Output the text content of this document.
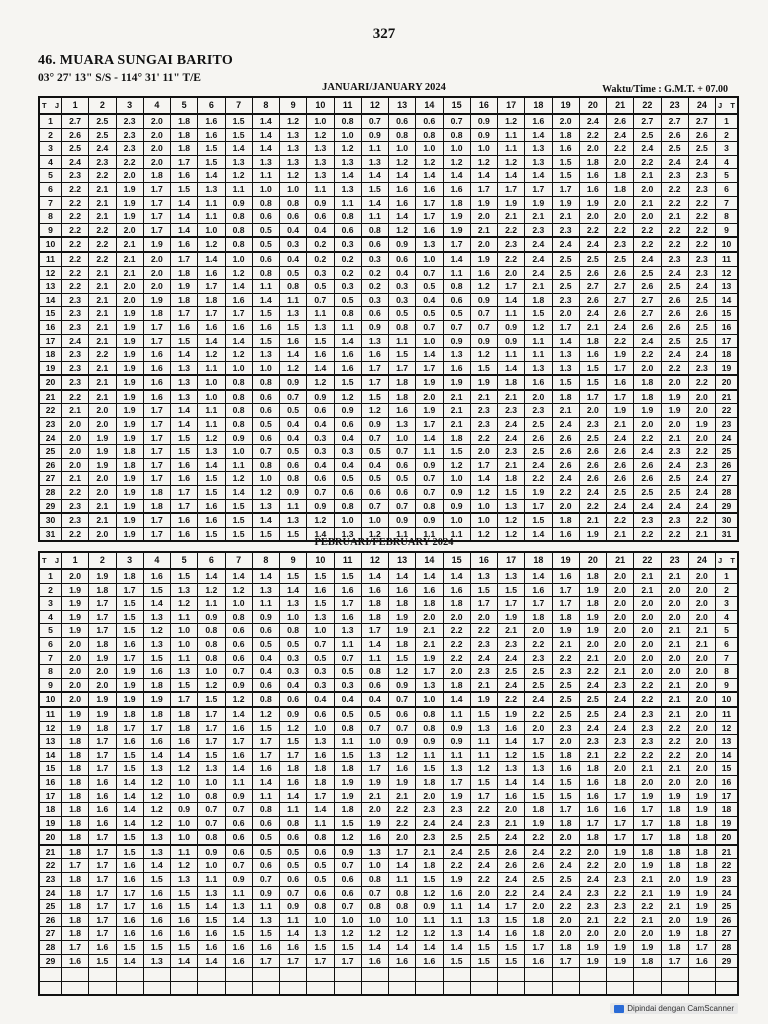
327
46. MUARA SUNGAI BARITO
03° 27' 13" S/S - 114° 31' 11" T/E
JANUARI/JANUARY 2024	Waktu/Time : G.M.T. + 07.00
J
T	1	2	3	4	5	6	7	8	9	10	11	12	13	14	15	16	17	18	19	20	21	22	23	24	J T

1	2.7	2.5	2.3	2.0	1.8	1.6	1.5	1.4	1.2	1.0	0.8	0.7	0.6	0.6	0.7	0.9	1.2	1.6	2.0	2.4	2.6	2.7	2.7	2.7	1
2	2.6	2.5	2.3	2.0	1.8	1.6	1.5	1.4	1.3	1.2	1.0	0.9	0.8	0.8	0.8	0.9	1.1	1.4	1.8	2.2	2.4	2.5	2.6	2.6	2
3	2.5	2.4	2.3	2.0	1.8	1.5	1.4	1.4	1.3	1.3	1.2	1.1	1.0	1.0	1.0	1.0	1.1	1.3	1.6	2.0	2.2	2.4	2.5	2.5	3
4	2.4	2.3	2.2	2.0	1.7	1.5	1.3	1.3	1.3	1.3	1.3	1.3	1.2	1.2	1.2	1.2	1.2	1.3	1.5	1.8	2.0	2.2	2.4	2.4	4
5	2.3	2.2	2.0	1.8	1.6	1.4	1.2	1.1	1.2	1.3	1.4	1.4	1.4	1.4	1.4	1.4	1.4	1.4	1.5	1.6	1.8	2.1	2.3	2.3	5
6	2.2	2.1	1.9	1.7	1.5	1.3	1.1	1.0	1.0	1.1	1.3	1.5	1.6	1.6	1.6	1.7	1.7	1.7	1.7	1.6	1.8	2.0	2.2	2.3	6
7	2.2	2.1	1.9	1.7	1.4	1.1	0.9	0.8	0.8	0.9	1.1	1.4	1.6	1.7	1.8	1.9	1.9	1.9	1.9	1.9	2.0	2.1	2.2	2.2	7
8	2.2	2.1	1.9	1.7	1.4	1.1	0.8	0.6	0.6	0.6	0.8	1.1	1.4	1.7	1.9	2.0	2.1	2.1	2.1	2.0	2.0	2.0	2.1	2.2	8
9	2.2	2.2	2.0	1.7	1.4	1.0	0.8	0.5	0.4	0.4	0.6	0.8	1.2	1.6	1.9	2.1	2.2	2.3	2.3	2.2	2.2	2.2	2.2	2.2	9
10	2.2	2.2	2.1	1.9	1.6	1.2	0.8	0.5	0.3	0.2	0.3	0.6	0.9	1.3	1.7	2.0	2.3	2.4	2.4	2.4	2.3	2.2	2.2	2.2	10
11	2.2	2.2	2.1	2.0	1.7	1.4	1.0	0.6	0.4	0.2	0.2	0.3	0.6	1.0	1.4	1.9	2.2	2.4	2.5	2.5	2.5	2.4	2.3	2.3	11
12	2.2	2.1	2.1	2.0	1.8	1.6	1.2	0.8	0.5	0.3	0.2	0.2	0.4	0.7	1.1	1.6	2.0	2.4	2.5	2.6	2.6	2.5	2.4	2.3	12
13	2.2	2.1	2.0	2.0	1.9	1.7	1.4	1.1	0.8	0.5	0.3	0.2	0.3	0.5	0.8	1.2	1.7	2.1	2.5	2.7	2.7	2.6	2.5	2.4	13
14	2.3	2.1	2.0	1.9	1.8	1.8	1.6	1.4	1.1	0.7	0.5	0.3	0.3	0.4	0.6	0.9	1.4	1.8	2.3	2.6	2.7	2.7	2.6	2.5	14
15	2.3	2.1	1.9	1.8	1.7	1.7	1.7	1.5	1.3	1.1	0.8	0.6	0.5	0.5	0.5	0.7	1.1	1.5	2.0	2.4	2.6	2.7	2.6	2.6	15
16	2.3	2.1	1.9	1.7	1.6	1.6	1.6	1.6	1.5	1.3	1.1	0.9	0.8	0.7	0.7	0.7	0.9	1.2	1.7	2.1	2.4	2.6	2.6	2.5	16
17	2.4	2.1	1.9	1.7	1.5	1.4	1.4	1.5	1.6	1.5	1.4	1.3	1.1	1.0	0.9	0.9	0.9	1.1	1.4	1.8	2.2	2.4	2.5	2.5	17
18	2.3	2.2	1.9	1.6	1.4	1.2	1.2	1.3	1.4	1.6	1.6	1.6	1.5	1.4	1.3	1.2	1.1	1.1	1.3	1.6	1.9	2.2	2.4	2.4	18
19	2.3	2.1	1.9	1.6	1.3	1.1	1.0	1.0	1.2	1.4	1.6	1.7	1.7	1.7	1.6	1.5	1.4	1.3	1.3	1.5	1.7	2.0	2.2	2.3	19
20	2.3	2.1	1.9	1.6	1.3	1.0	0.8	0.8	0.9	1.2	1.5	1.7	1.8	1.9	1.9	1.9	1.8	1.6	1.5	1.5	1.6	1.8	2.0	2.2	20
21	2.2	2.1	1.9	1.6	1.3	1.0	0.8	0.6	0.7	0.9	1.2	1.5	1.8	2.0	2.1	2.1	2.1	2.0	1.8	1.7	1.7	1.8	1.9	2.0	21
22	2.1	2.0	1.9	1.7	1.4	1.1	0.8	0.6	0.5	0.6	0.9	1.2	1.6	1.9	2.1	2.3	2.3	2.3	2.1	2.0	1.9	1.9	1.9	2.0	22
23	2.0	2.0	1.9	1.7	1.4	1.1	0.8	0.5	0.4	0.4	0.6	0.9	1.3	1.7	2.1	2.3	2.4	2.5	2.4	2.3	2.1	2.0	2.0	1.9	23
24	2.0	1.9	1.9	1.7	1.5	1.2	0.9	0.6	0.4	0.3	0.4	0.7	1.0	1.4	1.8	2.2	2.4	2.6	2.6	2.5	2.4	2.2	2.1	2.0	24
25	2.0	1.9	1.8	1.7	1.5	1.3	1.0	0.7	0.5	0.3	0.3	0.5	0.7	1.1	1.5	2.0	2.3	2.5	2.6	2.6	2.6	2.4	2.3	2.2	25
26	2.0	1.9	1.8	1.7	1.6	1.4	1.1	0.8	0.6	0.4	0.4	0.4	0.6	0.9	1.2	1.7	2.1	2.4	2.6	2.6	2.6	2.6	2.4	2.3	26
27	2.1	2.0	1.9	1.7	1.6	1.5	1.2	1.0	0.8	0.6	0.5	0.5	0.5	0.7	1.0	1.4	1.8	2.2	2.4	2.6	2.6	2.6	2.5	2.4	27
28	2.2	2.0	1.9	1.8	1.7	1.5	1.4	1.2	0.9	0.7	0.6	0.6	0.6	0.7	0.9	1.2	1.5	1.9	2.2	2.4	2.5	2.5	2.5	2.4	28
29	2.3	2.1	1.9	1.8	1.7	1.6	1.5	1.3	1.1	0.9	0.8	0.7	0.7	0.8	0.9	1.0	1.3	1.7	2.0	2.2	2.4	2.4	2.4	2.4	29
30	2.3	2.1	1.9	1.7	1.6	1.6	1.5	1.4	1.3	1.2	1.0	1.0	0.9	0.9	1.0	1.0	1.2	1.5	1.8	2.1	2.2	2.3	2.3	2.2	30
31	2.2	2.0	1.9	1.7	1.6	1.5	1.5	1.5	1.5	1.4	1.3	1.2	1.1	1.1	1.1	1.2	1.2	1.4	1.6	1.9	2.1	2.2	2.2	2.1	31
PEBRUARI/FEBRUARY 2024
J
T	1	2	3	4	5	6	7	8	9	10	11	12	13	14	15	16	17	18	19	20	21	22	23	24	J T

1	2.0	1.9	1.8	1.6	1.5	1.4	1.4	1.4	1.5	1.5	1.5	1.4	1.4	1.4	1.4	1.3	1.3	1.4	1.6	1.8	2.0	2.1	2.1	2.0	1
2	1.9	1.8	1.7	1.5	1.3	1.2	1.2	1.3	1.4	1.6	1.6	1.6	1.6	1.6	1.6	1.5	1.5	1.6	1.7	1.9	2.0	2.1	2.0	2.0	2
3	1.9	1.7	1.5	1.4	1.2	1.1	1.0	1.1	1.3	1.5	1.7	1.8	1.8	1.8	1.8	1.7	1.7	1.7	1.7	1.8	2.0	2.0	2.0	2.0	3
4	1.9	1.7	1.5	1.3	1.1	0.9	0.8	0.9	1.0	1.3	1.6	1.8	1.9	2.0	2.0	2.0	1.9	1.8	1.8	1.9	2.0	2.0	2.0	2.0	4
5	1.9	1.7	1.5	1.2	1.0	0.8	0.6	0.6	0.8	1.0	1.3	1.7	1.9	2.1	2.2	2.2	2.1	2.0	1.9	1.9	2.0	2.0	2.1	2.1	5
6	2.0	1.8	1.6	1.3	1.0	0.8	0.6	0.5	0.5	0.7	1.1	1.4	1.8	2.1	2.2	2.3	2.3	2.2	2.1	2.0	2.0	2.0	2.1	2.1	6
7	2.0	1.9	1.7	1.5	1.1	0.8	0.6	0.4	0.3	0.5	0.7	1.1	1.5	1.9	2.2	2.4	2.4	2.3	2.2	2.1	2.0	2.0	2.0	2.0	7
8	2.0	2.0	1.9	1.6	1.3	1.0	0.7	0.4	0.3	0.3	0.5	0.8	1.2	1.7	2.0	2.3	2.5	2.5	2.3	2.2	2.1	2.0	2.0	2.0	8
9	2.0	2.0	1.9	1.8	1.5	1.2	0.9	0.6	0.4	0.3	0.3	0.6	0.9	1.3	1.8	2.1	2.4	2.5	2.5	2.4	2.3	2.2	2.1	2.0	9
10	2.0	1.9	1.9	1.9	1.7	1.5	1.2	0.8	0.6	0.4	0.4	0.4	0.7	1.0	1.4	1.9	2.2	2.4	2.5	2.5	2.4	2.2	2.1	2.0	10
11	1.9	1.9	1.8	1.8	1.8	1.7	1.4	1.2	0.9	0.6	0.5	0.5	0.6	0.8	1.1	1.5	1.9	2.2	2.5	2.5	2.4	2.3	2.1	2.0	11
12	1.9	1.8	1.7	1.7	1.8	1.7	1.6	1.5	1.2	1.0	0.8	0.7	0.7	0.8	0.9	1.3	1.6	2.0	2.3	2.4	2.4	2.3	2.2	2.0	12
13	1.8	1.7	1.6	1.6	1.6	1.7	1.7	1.7	1.5	1.3	1.1	1.0	0.9	0.9	0.9	1.1	1.4	1.7	2.0	2.3	2.3	2.3	2.2	2.0	13
14	1.8	1.7	1.5	1.4	1.4	1.5	1.6	1.7	1.7	1.6	1.5	1.3	1.2	1.1	1.1	1.1	1.2	1.5	1.8	2.1	2.2	2.2	2.2	2.0	14
15	1.8	1.7	1.5	1.3	1.2	1.3	1.4	1.6	1.8	1.8	1.8	1.7	1.6	1.5	1.3	1.2	1.3	1.3	1.6	1.8	2.0	2.1	2.1	2.0	15
16	1.8	1.6	1.4	1.2	1.0	1.0	1.1	1.4	1.6	1.8	1.9	1.9	1.9	1.8	1.7	1.5	1.4	1.4	1.5	1.6	1.8	2.0	2.0	2.0	16
17	1.8	1.6	1.4	1.2	1.0	0.8	0.9	1.1	1.4	1.7	1.9	2.1	2.1	2.0	1.9	1.7	1.6	1.5	1.5	1.6	1.7	1.9	1.9	1.9	17
18	1.8	1.6	1.4	1.2	0.9	0.7	0.7	0.8	1.1	1.4	1.8	2.0	2.2	2.3	2.3	2.2	2.0	1.8	1.7	1.6	1.6	1.7	1.8	1.9	18
19	1.8	1.6	1.4	1.2	1.0	0.7	0.6	0.6	0.8	1.1	1.5	1.9	2.2	2.4	2.4	2.3	2.1	1.9	1.8	1.7	1.7	1.7	1.8	1.8	19
20	1.8	1.7	1.5	1.3	1.0	0.8	0.6	0.5	0.6	0.8	1.2	1.6	2.0	2.3	2.5	2.5	2.4	2.2	2.0	1.8	1.7	1.7	1.8	1.8	20
21	1.8	1.7	1.5	1.3	1.1	0.9	0.6	0.5	0.5	0.6	0.9	1.3	1.7	2.1	2.4	2.5	2.6	2.4	2.2	2.0	1.9	1.8	1.8	1.8	21
22	1.7	1.7	1.6	1.4	1.2	1.0	0.7	0.6	0.5	0.5	0.7	1.0	1.4	1.8	2.2	2.4	2.6	2.6	2.4	2.2	2.0	1.9	1.8	1.8	22
23	1.8	1.7	1.6	1.5	1.3	1.1	0.9	0.7	0.6	0.5	0.6	0.8	1.1	1.5	1.9	2.2	2.4	2.5	2.5	2.4	2.3	2.1	2.0	1.9	23
24	1.8	1.7	1.7	1.6	1.5	1.3	1.1	0.9	0.7	0.6	0.6	0.7	0.8	1.2	1.6	2.0	2.2	2.4	2.4	2.3	2.2	2.1	1.9	1.9	24
25	1.8	1.7	1.7	1.6	1.5	1.4	1.3	1.1	0.9	0.8	0.7	0.8	0.8	0.9	1.1	1.4	1.7	2.0	2.2	2.3	2.3	2.2	2.1	1.9	25
26	1.8	1.7	1.6	1.6	1.6	1.5	1.4	1.3	1.1	1.0	1.0	1.0	1.0	1.1	1.1	1.3	1.5	1.8	2.0	2.1	2.2	2.1	2.0	1.9	26
27	1.8	1.7	1.6	1.6	1.6	1.6	1.5	1.5	1.4	1.3	1.2	1.2	1.2	1.2	1.3	1.4	1.6	1.8	2.0	2.0	2.0	2.0	1.9	1.8	27
28	1.7	1.6	1.5	1.5	1.5	1.6	1.6	1.6	1.6	1.5	1.5	1.4	1.4	1.4	1.4	1.5	1.5	1.7	1.8	1.9	1.9	1.9	1.8	1.7	28
29	1.6	1.5	1.4	1.3	1.4	1.4	1.6	1.7	1.7	1.7	1.7	1.6	1.6	1.6	1.5	1.5	1.5	1.6	1.7	1.9	1.9	1.8	1.7	1.6	29

Dipindai dengan CamScanner
